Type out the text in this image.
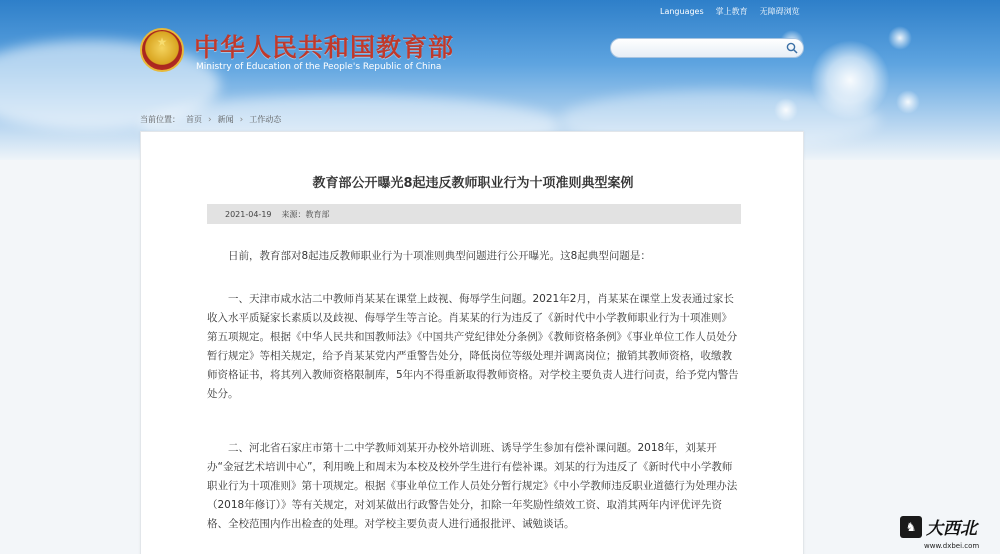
Languages 掌上教育 无障碍浏览
★ 中华人民共和国教育部
Ministry of Education of the People's Republic of China
当前位置： 首页 › 新闻 › 工作动态
教育部公开曝光8起违反教师职业行为十项准则典型案例
2021-04-19 来源：教育部

日前，教育部对8起违反教师职业行为十项准则典型问题进行公开曝光。这8起典型问题是：

一、天津市咸水沽二中教师肖某某在课堂上歧视、侮辱学生问题。2021年2月，肖某某在课堂上发表通过家长收入水平质疑家长素质以及歧视、侮辱学生等言论。肖某某的行为违反了《新时代中小学教师职业行为十项准则》第五项规定。根据《中华人民共和国教师法》《中国共产党纪律处分条例》《教师资格条例》《事业单位工作人员处分暂行规定》等相关规定，给予肖某某党内严重警告处分，降低岗位等级处理并调离岗位；撤销其教师资格，收缴教师资格证书，将其列入教师资格限制库，5年内不得重新取得教师资格。对学校主要负责人进行问责，给予党内警告处分。

二、河北省石家庄市第十二中学教师刘某开办校外培训班、诱导学生参加有偿补课问题。2018年，刘某开办“金冠艺术培训中心”，利用晚上和周末为本校及校外学生进行有偿补课。刘某的行为违反了《新时代中小学教师职业行为十项准则》第十项规定。根据《事业单位工作人员处分暂行规定》《中小学教师违反职业道德行为处理办法（2018年修订）》等有关规定，对刘某做出行政警告处分，扣除一年奖励性绩效工资、取消其两年内评优评先资格、全校范围内作出检查的处理。对学校主要负责人进行通报批评、诫勉谈话。	♞ 大西北
www.dxbei.com
